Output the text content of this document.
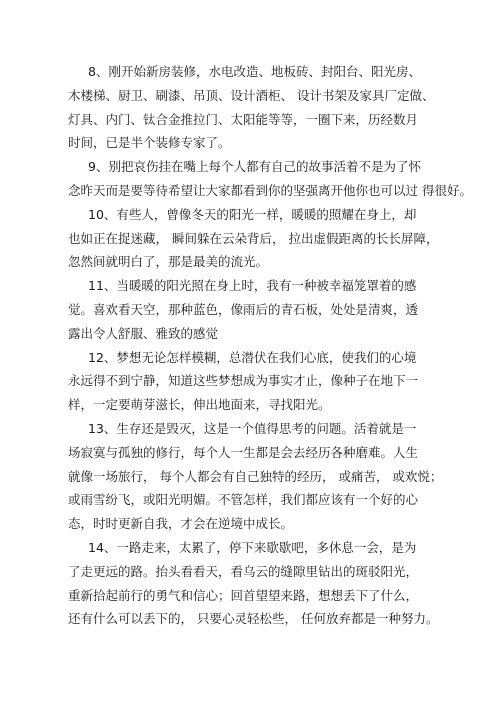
8、刚开始新房装修，水电改造、地板砖、封阳台、阳光房、
木楼梯、厨卫、刷漆、吊顶、设计酒柜、 设计书架及家具厂定做、
灯具、内门、钛合金推拉门、太阳能等等，一圈下来，历经数月
时间，已是半个装修专家了。
9、别把哀伤挂在嘴上每个人都有自己的故事活着不是为了怀
念昨天而是要等待希望让大家都看到你的坚强离开他你也可以过 得很好。
10、有些人，曾像冬天的阳光一样，暖暖的照耀在身上，却
也如正在捉迷藏， 瞬间躲在云朵背后， 拉出虚假距离的长长屏障，
忽然间就明白了，那是最美的流光。
11、当暖暖的阳光照在身上时，我有一种被幸福笼罩着的感
觉。喜欢看天空，那种蓝色，像雨后的青石板，处处是清爽，透
露出令人舒服、雅致的感觉
12、梦想无论怎样模糊，总潜伏在我们心底，使我们的心境
永远得不到宁静，知道这些梦想成为事实才止，像种子在地下一
样，一定要萌芽滋长，伸出地面来，寻找阳光。
13、生存还是毁灭，这是一个值得思考的问题。活着就是一
场寂寞与孤独的修行，每个人一生都是会去经历各种磨难。人生
就像一场旅行， 每个人都会有自己独特的经历， 或痛苦， 或欢悦；
或雨雪纷飞，或阳光明媚。不管怎样，我们都应该有一个好的心
态，时时更新自我，才会在逆境中成长。
14、一路走来，太累了，停下来歇歇吧，多休息一会，是为
了走更远的路。抬头看看天，看乌云的缝隙里钻出的斑驳阳光，
重新拾起前行的勇气和信心；回首望望来路，想想丢下了什么，
还有什么可以丢下的， 只要心灵轻松些， 任何放弃都是一种努力。
